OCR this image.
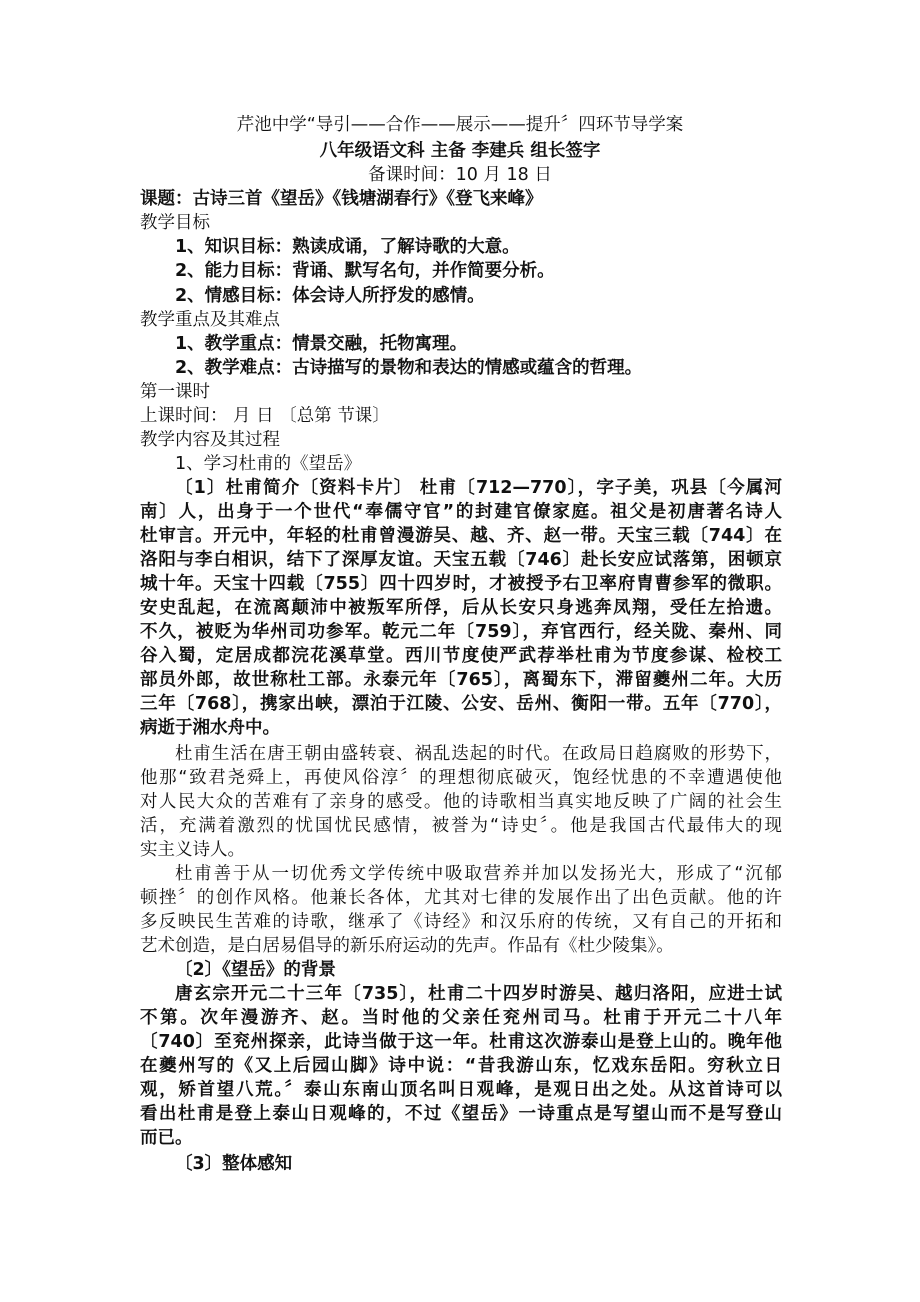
芹池中学“导引——合作——展示——提升〞四环节导学案
八年级语文科 主备 李建兵 组长签字
备课时间：10 月 18 日
课题：古诗三首《望岳》《钱塘湖春行》《登飞来峰》
教学目标
1、知识目标：熟读成诵，了解诗歌的大意。
2、能力目标：背诵、默写名句，并作简要分析。
2、情感目标：体会诗人所抒发的感情。
教学重点及其难点
1、教学重点：情景交融，托物寓理。
2、教学难点：古诗描写的景物和表达的情感或蕴含的哲理。
第一课时
上课时间： 月 日 〔总第 节课〕
教学内容及其过程
1、学习杜甫的《望岳》
〔1〕杜甫简介〔资料卡片〕 杜甫〔712—770〕，字子美，巩县〔今属河
南〕人，出身于一个世代“奉儒守官”的封建官僚家庭。祖父是初唐著名诗人
杜审言。开元中，年轻的杜甫曾漫游吴、越、齐、赵一带。天宝三载〔744〕在
洛阳与李白相识，结下了深厚友谊。天宝五载〔746〕赴长安应试落第，困顿京
城十年。天宝十四载〔755〕四十四岁时，才被授予右卫率府胄曹参军的微职。
安史乱起，在流离颠沛中被叛军所俘，后从长安只身逃奔凤翔，受任左拾遗。
不久，被贬为华州司功参军。乾元二年〔759〕，弃官西行，经关陇、秦州、同
谷入蜀，定居成都浣花溪草堂。西川节度使严武荐举杜甫为节度参谋、检校工
部员外郎，故世称杜工部。永泰元年〔765〕，离蜀东下，滞留夔州二年。大历
三年〔768〕，携家出峡，漂泊于江陵、公安、岳州、衡阳一带。五年〔770〕，
病逝于湘水舟中。
杜甫生活在唐王朝由盛转衰、祸乱迭起的时代。在政局日趋腐败的形势下，
他那“致君尧舜上，再使风俗淳〞的理想彻底破灭，饱经忧患的不幸遭遇使他
对人民大众的苦难有了亲身的感受。他的诗歌相当真实地反映了广阔的社会生
活，充满着激烈的忧国忧民感情，被誉为“诗史〞。他是我国古代最伟大的现
实主义诗人。
杜甫善于从一切优秀文学传统中吸取营养并加以发扬光大，形成了“沉郁
顿挫〞的创作风格。他兼长各体，尤其对七律的发展作出了出色贡献。他的许
多反映民生苦难的诗歌，继承了《诗经》和汉乐府的传统，又有自己的开拓和
艺术创造，是白居易倡导的新乐府运动的先声。作品有《杜少陵集》。
〔2〕《望岳》的背景
唐玄宗开元二十三年〔735〕，杜甫二十四岁时游吴、越归洛阳，应进士试
不第。次年漫游齐、赵。当时他的父亲任兖州司马。杜甫于开元二十八年
〔740〕至兖州探亲，此诗当做于这一年。杜甫这次游泰山是登上山的。晚年他
在夔州写的《又上后园山脚》诗中说：“昔我游山东，忆戏东岳阳。穷秋立日
观，矫首望八荒。〞泰山东南山顶名叫日观峰，是观日出之处。从这首诗可以
看出杜甫是登上泰山日观峰的，不过《望岳》一诗重点是写望山而不是写登山
而已。
〔3〕整体感知
